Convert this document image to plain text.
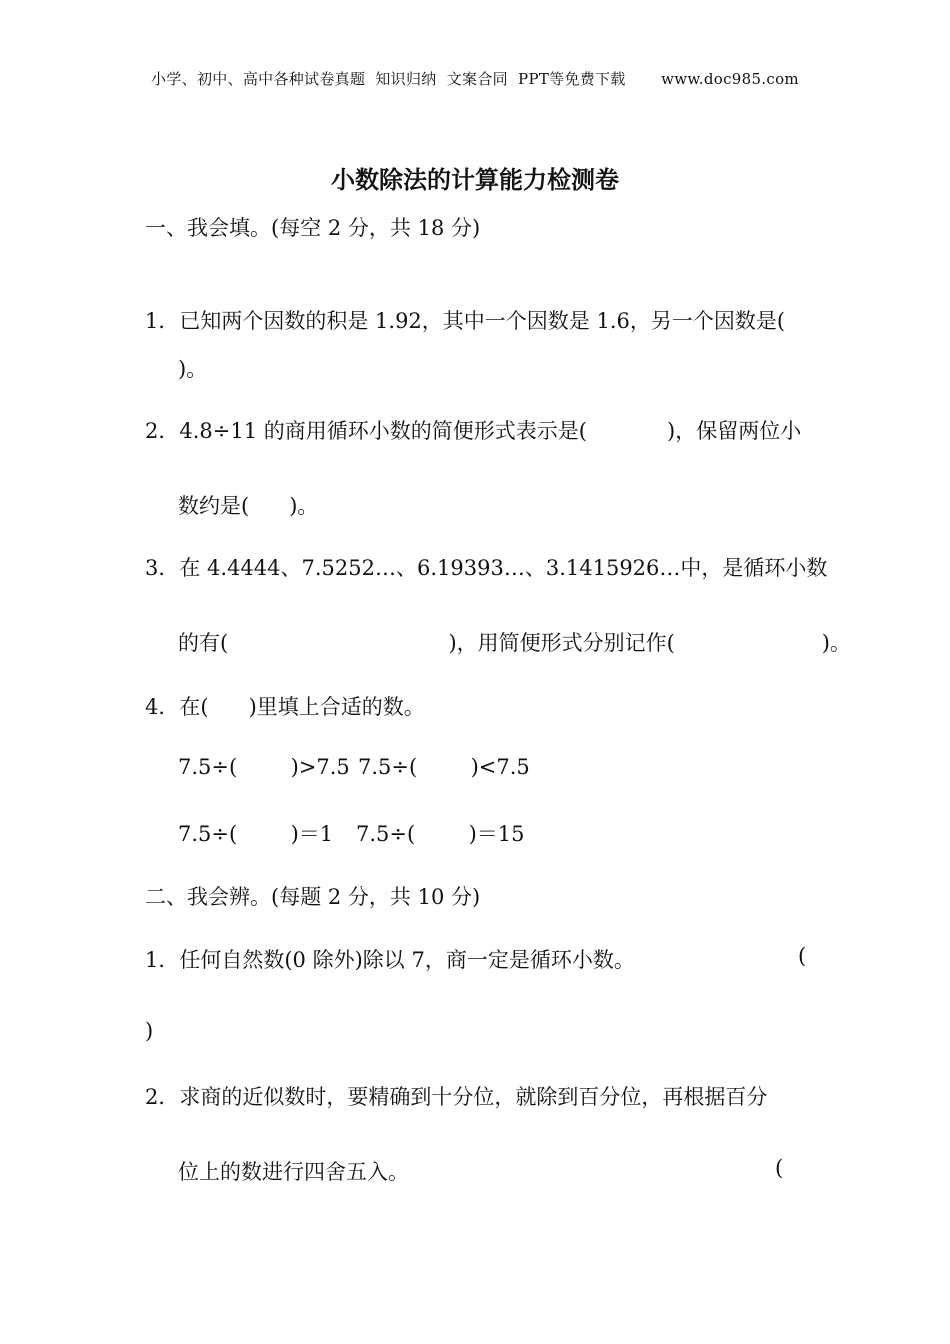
小学、初中、高中各种试卷真题  知识归纳  文案合同  PPT等免费下载 www.doc985.com
小数除法的计算能力检测卷
一、我会填。(每空 2 分，共 18 分)
1．已知两个因数的积是 1.92，其中一个因数是 1.6，另一个因数是(
)。
2．4.8÷11 的商用循环小数的简便形式表示是(            )，保留两位小
数约是(      )。
3．在 4.4444、7.5252…、6.19393…、3.1415926…中，是循环小数
的有(                                 )，用简便形式分别记作(                      )。
4．在(      )里填上合适的数。
7.5÷(        )>7.5 7.5÷(        )<7.5
7.5÷(        )＝1 7.5÷(        )＝15
二、我会辨。(每题 2 分，共 10 分)
1．任何自然数(0 除外)除以 7，商一定是循环小数。	(
)
2．求商的近似数时，要精确到十分位，就除到百分位，再根据百分
位上的数进行四舍五入。	(
